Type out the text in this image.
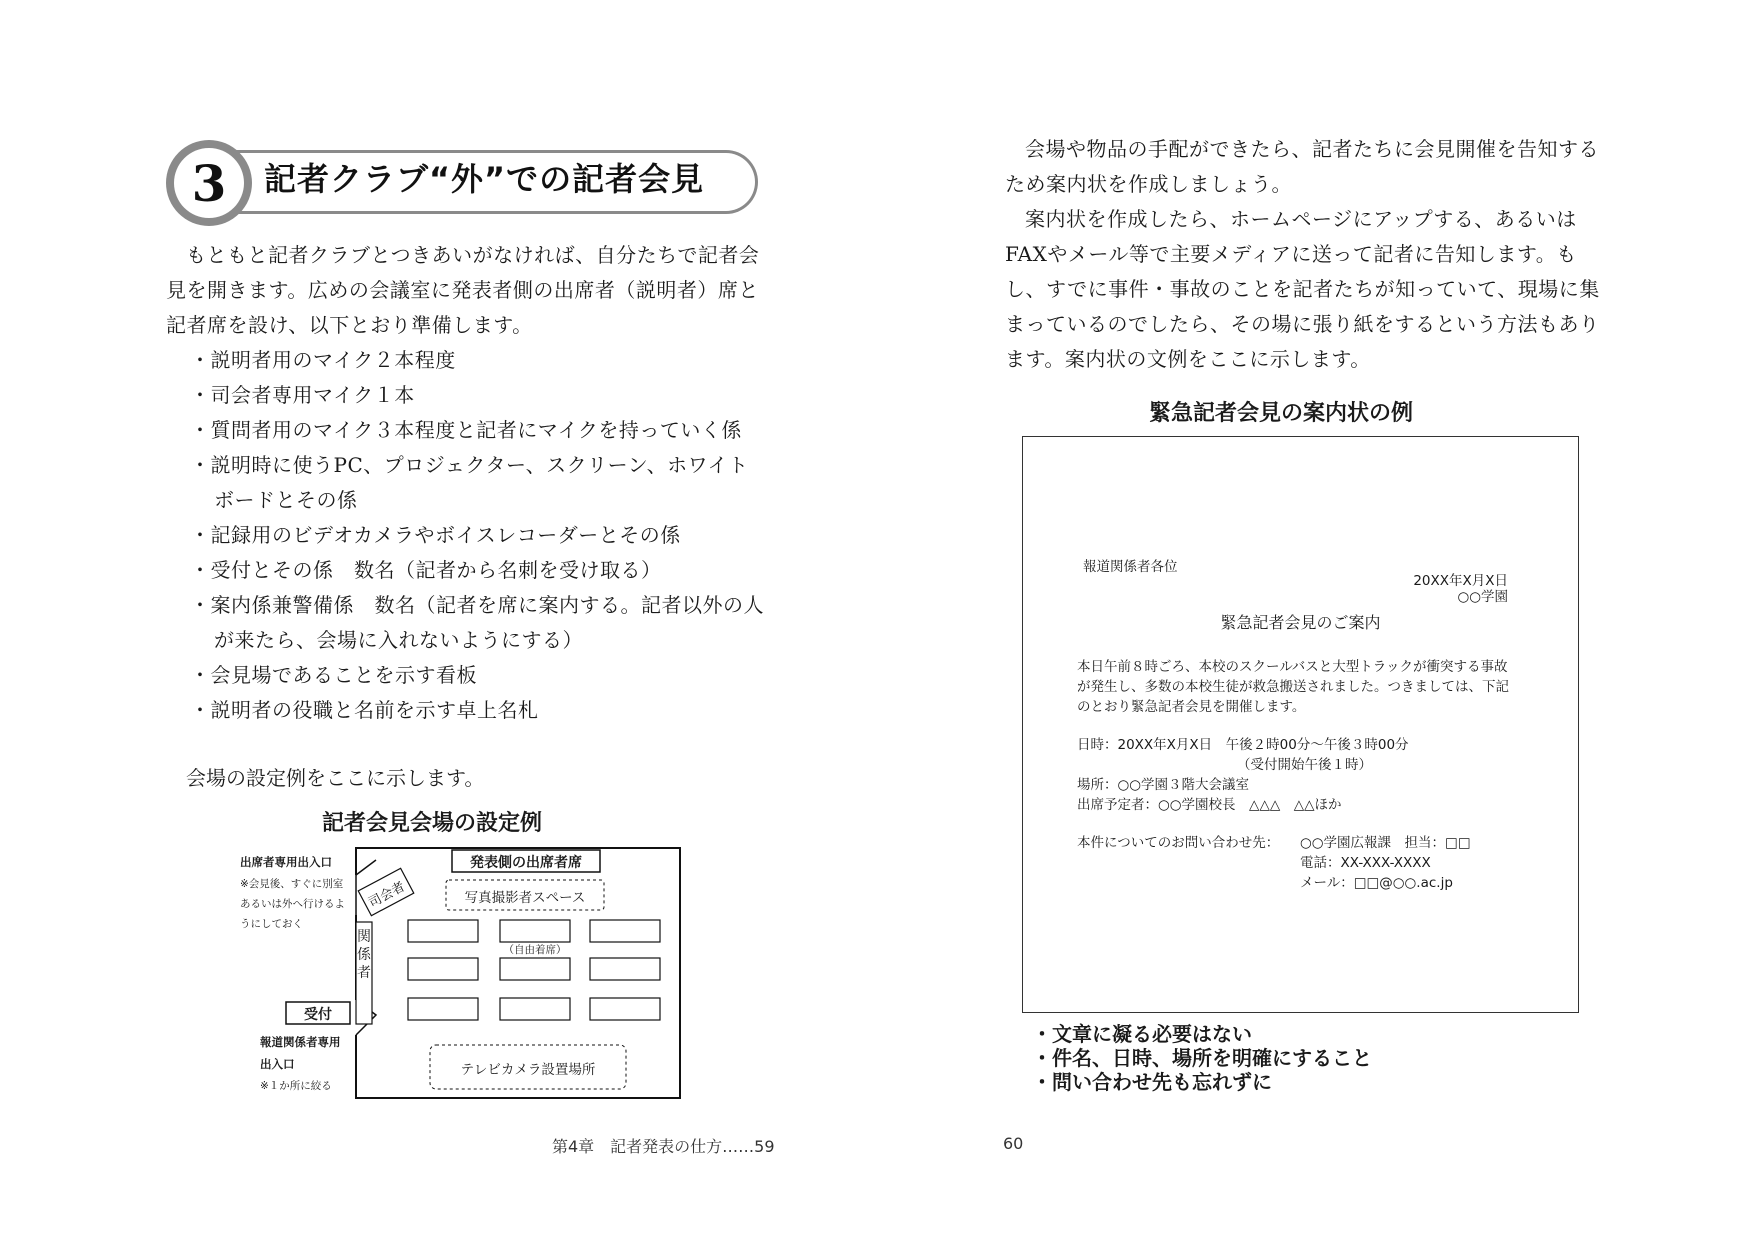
3	記者クラブ“外”での記者会見

もともと記者クラブとつきあいがなければ、自分たちで記者会見を開きます。広めの会議室に発表者側の出席者（説明者）席と記者席を設け、以下とおり準備します。

・説明者用のマイク２本程度
・司会者専用マイク１本
・質問者用のマイク３本程度と記者にマイクを持っていく係
・説明時に使うPC、プロジェクター、スクリーン、ホワイトボードとその係
・記録用のビデオカメラやボイスレコーダーとその係
・受付とその係　数名（記者から名刺を受け取る）
・案内係兼警備係　数名（記者を席に案内する。記者以外の人が来たら、会場に入れないようにする）
・会見場であることを示す看板
・説明者の役職と名前を示す卓上名札
会場の設定例をここに示します。
記者会見会場の設定例
出席者専用出入口
※会見後、すぐに別室
あるいは外へ行けるよ
うにしておく
発表側の出席者席
写真撮影者スペース
司会者
（自由着席）
関係者
受付
報道関係者専用
出入口
※１か所に絞る
テレビカメラ設置場所
第4章　記者発表の仕方……59

会場や物品の手配ができたら、記者たちに会見開催を告知するため案内状を作成しましょう。

案内状を作成したら、ホームページにアップする、あるいはFAXやメール等で主要メディアに送って記者に告知します。もし、すでに事件・事故のことを記者たちが知っていて、現場に集まっているのでしたら、その場に張り紙をするという方法もあります。案内状の文例をここに示します。

緊急記者会見の案内状の例
報道関係者各位
20XX年X月X日
○○学園
緊急記者会見のご案内
本日午前８時ごろ、本校のスクールバスと大型トラックが衝突する事故
が発生し、多数の本校生徒が救急搬送されました。つきましては、下記
のとおり緊急記者会見を開催します。
日時：20XX年X月X日　午後２時00分〜午後３時00分
（受付開始午後１時）
場所：○○学園３階大会議室
出席予定者：○○学園校長　△△△　△△ほか
本件についてのお問い合わせ先： ○○学園広報課　担当：□□
電話：XX-XXX-XXXX
メール：□□@○○.ac.jp
・文章に凝る必要はない
・件名、日時、場所を明確にすること
・問い合わせ先も忘れずに
60
